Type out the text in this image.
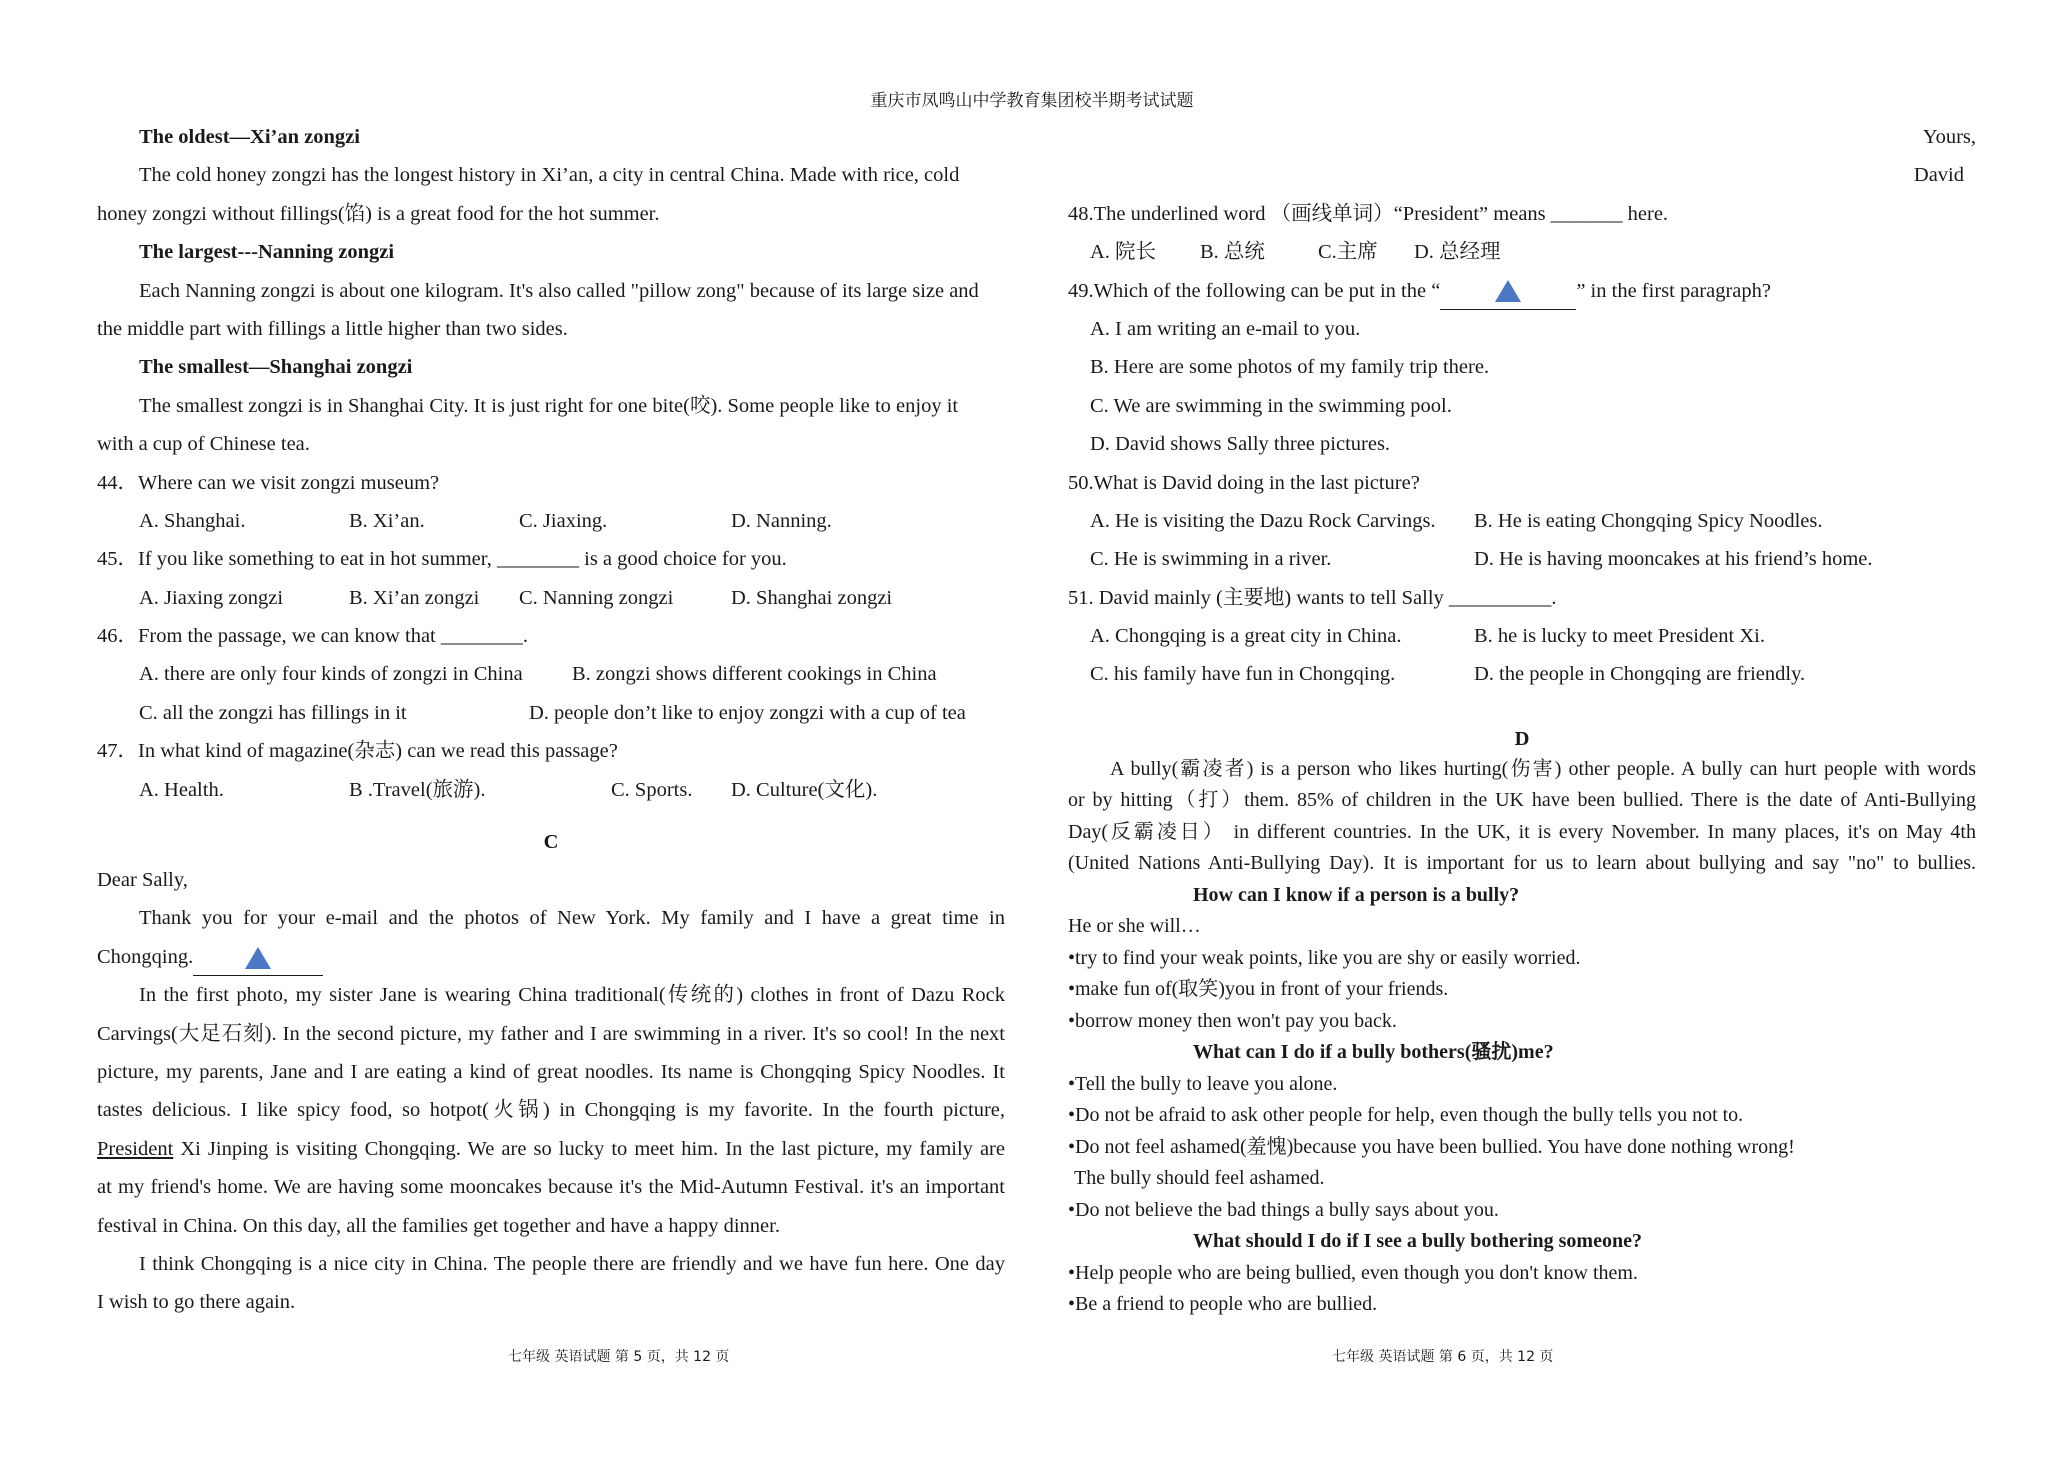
重庆市凤鸣山中学教育集团校半期考试试题
The oldest—Xi’an zongzi
The cold honey zongzi has the longest history in Xi’an, a city in central China. Made with rice, cold
honey zongzi without fillings(馅) is a great food for the hot summer.
The largest---Nanning zongzi
Each Nanning zongzi is about one kilogram. It's also called "pillow zong" because of its large size and
the middle part with fillings a little higher than two sides.
The smallest—Shanghai zongzi
The smallest zongzi is in Shanghai City. It is just right for one bite(咬). Some people like to enjoy it
with a cup of Chinese tea.
44．Where can we visit zongzi museum?
A. Shanghai.	B. Xi’an.	C. Jiaxing.	D. Nanning.
45．If you like something to eat in hot summer, ________ is a good choice for you.
A. Jiaxing zongzi	B. Xi’an zongzi C. Nanning zongzi	D. Shanghai zongzi
46．From the passage, we can know that ________.
A. there are only four kinds of zongzi in China B. zongzi shows different cookings in China
C. all the zongzi has fillings in it	D. people don’t like to enjoy zongzi with a cup of tea
47．In what kind of magazine(杂志) can we read this passage?
A. Health.	B .Travel(旅游).	C. Sports. D. Culture(文化).
C
Dear Sally,
Thank you for your e-mail and the photos of New York. My family and I have a great time in
Chongqing.
In the first photo, my sister Jane is wearing China traditional(传统的) clothes in front of Dazu Rock
Carvings(大足石刻). In the second picture, my father and I are swimming in a river. It's so cool! In the next
picture, my parents, Jane and I are eating a kind of great noodles. Its name is Chongqing Spicy Noodles. It
tastes delicious. I like spicy food, so hotpot(火锅) in Chongqing is my favorite. In the fourth picture,
President Xi Jinping is visiting Chongqing. We are so lucky to meet him. In the last picture, my family are
at my friend's home. We are having some mooncakes because it's the Mid-Autumn Festival. it's an important
festival in China. On this day, all the families get together and have a happy dinner.
I think Chongqing is a nice city in China. The people there are friendly and we have fun here. One day
I wish to go there again.
Yours,
David
48.The underlined word （画线单词）“President” means _______ here.
A. 院长 B. 总统	C.主席 D. 总经理
49.Which of the following can be put in the “	” in the first paragraph?
A. I am writing an e-mail to you.
B. Here are some photos of my family trip there.
C. We are swimming in the swimming pool.
D. David shows Sally three pictures.
50.What is David doing in the last picture?
A. He is visiting the Dazu Rock Carvings. B. He is eating Chongqing Spicy Noodles.
C. He is swimming in a river.	D. He is having mooncakes at his friend’s home.
51. David mainly (主要地) wants to tell Sally __________.
A. Chongqing is a great city in China.	B. he is lucky to meet President Xi.
C. his family have fun in Chongqing.	D. the people in Chongqing are friendly.
D
A bully(霸凌者) is a person who likes hurting(伤害) other people. A bully can hurt people with words
or by hitting（打）them. 85% of children in the UK have been bullied. There is the date of Anti-Bullying
Day(反霸凌日） in different countries. In the UK, it is every November. In many places, it's on May 4th
(United Nations Anti-Bullying Day). It is important for us to learn about bullying and say "no" to bullies.
How can I know if a person is a bully?
He or she will…
•try to find your weak points, like you are shy or easily worried.
•make fun of(取笑)you in front of your friends.
•borrow money then won't pay you back.
What can I do if a bully bothers(骚扰)me?
•Tell the bully to leave you alone.
•Do not be afraid to ask other people for help, even though the bully tells you not to.
•Do not feel ashamed(羞愧)because you have been bullied. You have done nothing wrong!
The bully should feel ashamed.
•Do not believe the bad things a bully says about you.
What should I do if I see a bully bothering someone?
•Help people who are being bullied, even though you don't know them.
•Be a friend to people who are bullied.
七年级 英语试题 第 5 页，共 12 页	七年级 英语试题 第 6 页，共 12 页
